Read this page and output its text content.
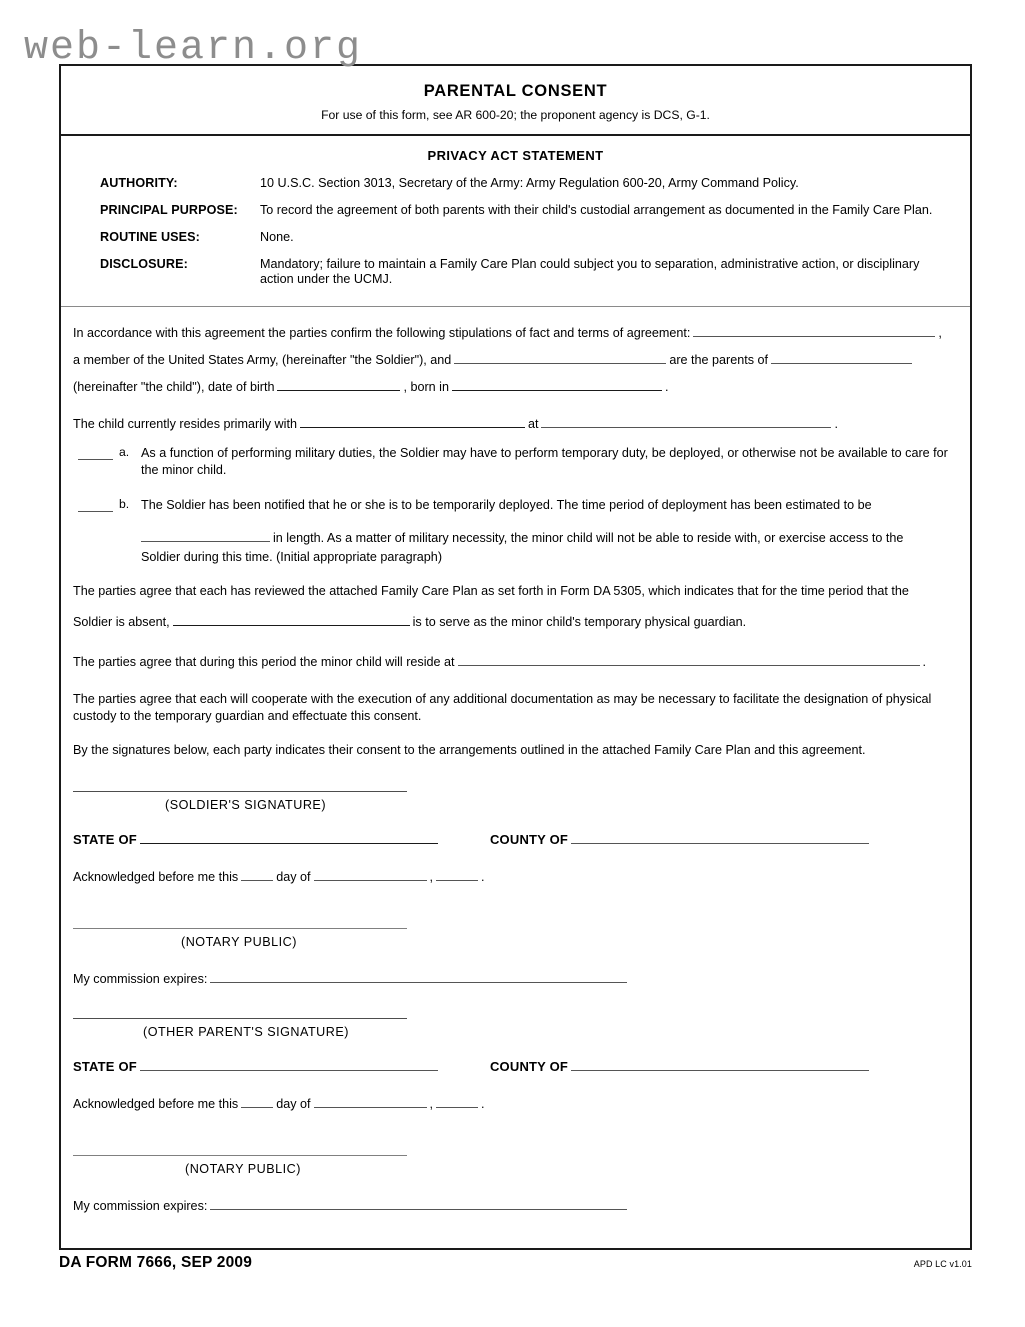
web-learn.org
PARENTAL CONSENT
For use of this form, see AR 600-20; the proponent agency is DCS, G-1.
PRIVACY ACT STATEMENT
AUTHORITY:	10 U.S.C. Section 3013, Secretary of the Army: Army Regulation 600-20, Army Command Policy.
PRINCIPAL PURPOSE:	To record the agreement of both parents with their child's custodial arrangement as documented in the Family Care Plan.
ROUTINE USES:	None.
DISCLOSURE:	Mandatory; failure to maintain a Family Care Plan could subject you to separation, administrative action, or disciplinary action under the UCMJ.
In accordance with this agreement the parties confirm the following stipulations of fact and terms of agreement:	,
a member of the United States Army, (hereinafter "the Soldier"), and	are the parents of
(hereinafter "the child"), date of birth	, born in	.
The child currently resides primarily with	at	.
a. As a function of performing military duties, the Soldier may have to perform temporary duty, be deployed, or otherwise not be available to care for the minor child.
b. The Soldier has been notified that he or she is to be temporarily deployed. The time period of deployment has been estimated to be
in length. As a matter of military necessity, the minor child will not be able to reside with, or exercise access to the
Soldier during this time. (Initial appropriate paragraph)
The parties agree that each has reviewed the attached Family Care Plan as set forth in Form DA 5305, which indicates that for the time period that the
Soldier is absent,	is to serve as the minor child's temporary physical guardian.
The parties agree that during this period the minor child will reside at	.
The parties agree that each will cooperate with the execution of any additional documentation as may be necessary to facilitate the designation of physical custody to the temporary guardian and effectuate this consent.
By the signatures below, each party indicates their consent to the arrangements outlined in the attached Family Care Plan and this agreement.
(SOLDIER'S SIGNATURE)
STATE OF	COUNTY OF
Acknowledged before me this	day of	,	.
(NOTARY PUBLIC)
My commission expires:
(OTHER PARENT'S SIGNATURE)
STATE OF	COUNTY OF
Acknowledged before me this	day of	,	.
(NOTARY PUBLIC)
My commission expires:
DA FORM 7666, SEP 2009	APD LC v1.01
